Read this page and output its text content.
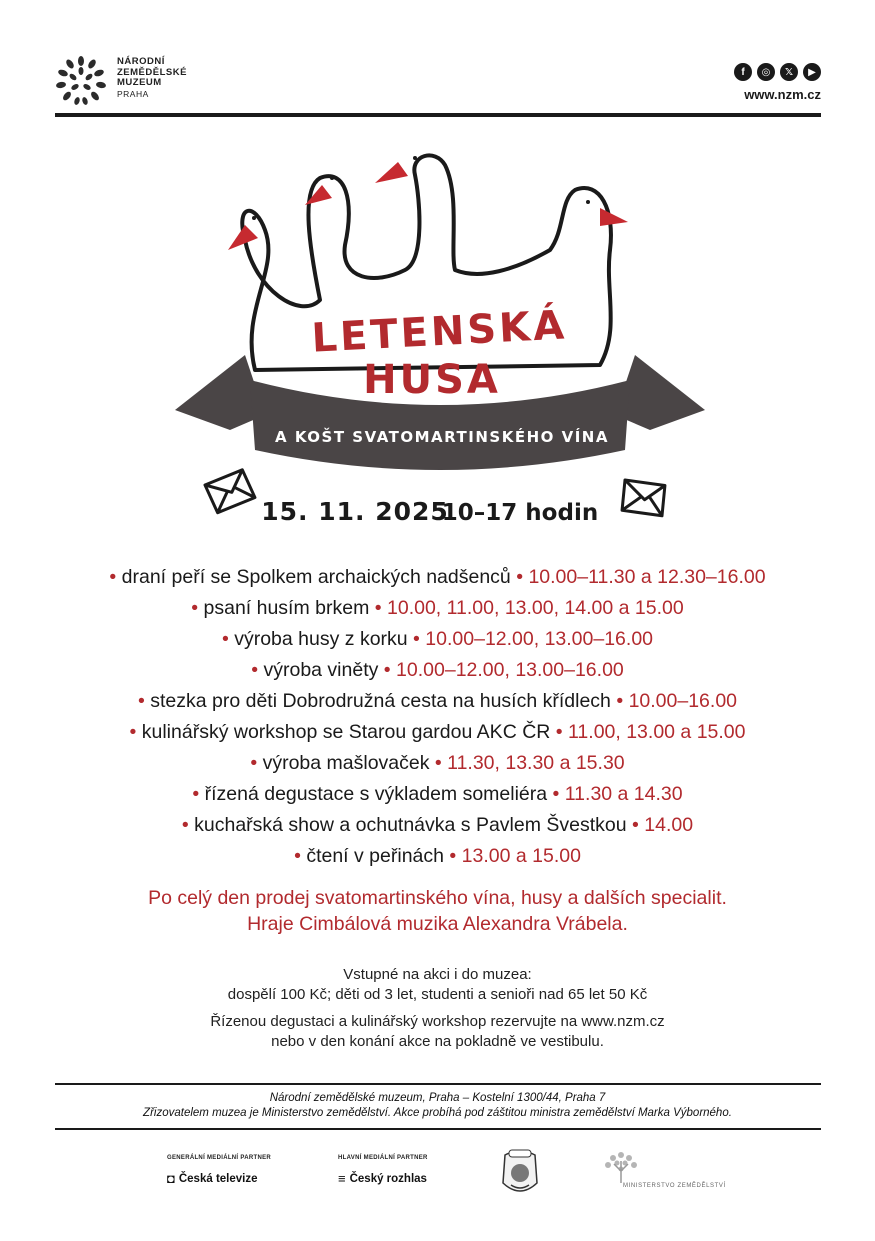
NÁRODNÍ
ZEMĚDĚLSKÉ
MUZEUM
PRAHA
f	◎	𝕏	▶
www.nzm.cz
LETENSKÁ
HUSA
A KOŠT SVATOMARTINSKÉHO VÍNA
15. 11. 2025
10–17 hodin
• draní peří se Spolkem archaických nadšenců • 10.00–11.30 a 12.30–16.00
• psaní husím brkem • 10.00, 11.00, 13.00, 14.00 a 15.00
• výroba husy z korku • 10.00–12.00, 13.00–16.00
• výroba viněty • 10.00–12.00, 13.00–16.00
• stezka pro děti Dobrodružná cesta na husích křídlech • 10.00–16.00
• kulinářský workshop se Starou gardou AKC ČR • 11.00, 13.00 a 15.00
• výroba mašlovaček • 11.30, 13.30 a 15.30
• řízená degustace s výkladem someliéra • 11.30 a 14.30
• kuchařská show a ochutnávka s Pavlem Švestkou • 14.00
• čtení v peřinách • 13.00 a 15.00
Po celý den prodej svatomartinského vína, husy a dalších specialit.
Hraje Cimbálová muzika Alexandra Vrábela.

Vstupné na akci i do muzea:
dospělí 100 Kč; děti od 3 let, studenti a senioři nad 65 let 50 Kč

Řízenou degustaci a kulinářský workshop rezervujte na www.nzm.cz
nebo v den konání akce na pokladně ve vestibulu.

Národní zemědělské muzeum, Praha – Kostelní 1300/44, Praha 7
Zřizovatelem muzea je Ministerstvo zemědělství. Akce probíhá pod záštitou ministra zemědělství Marka Výborného.
GENERÁLNÍ MEDIÁLNÍ PARTNER
◘ Česká televize
HLAVNÍ MEDIÁLNÍ PARTNER
≡ Český rozhlas
MINISTERSTVO ZEMĚDĚLSTVÍ
